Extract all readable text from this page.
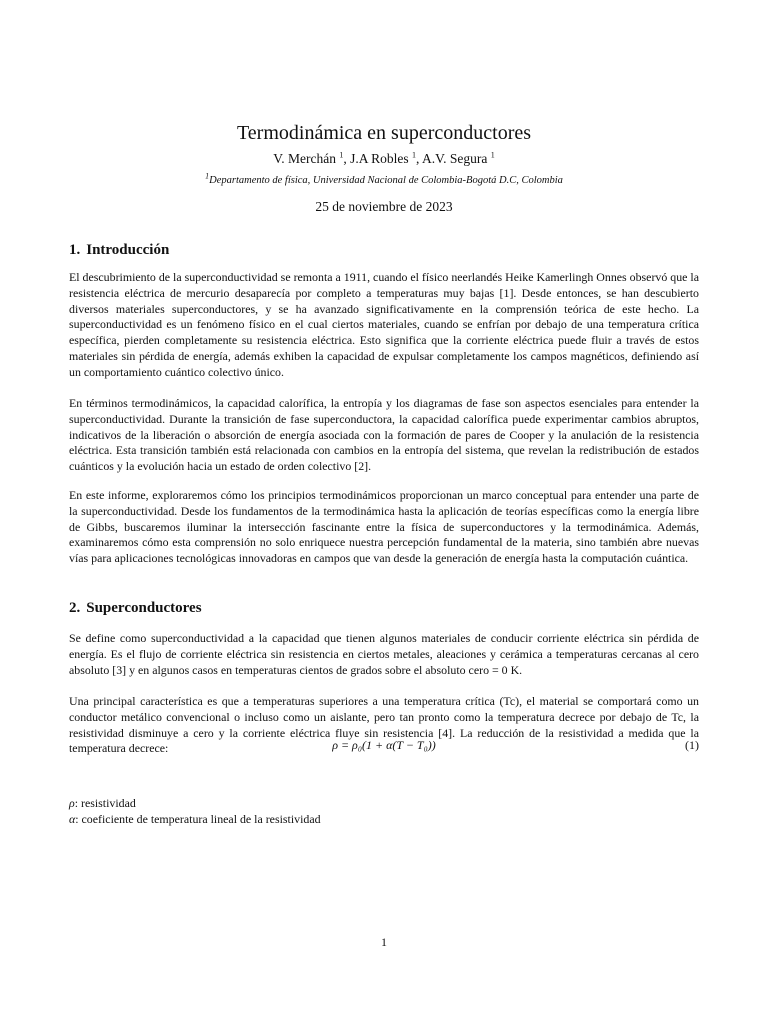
Termodinámica en superconductores
V. Merchán $^1$, J.A Robles $^1$, A.V. Segura $^1$
$^1$Departamento de física, Universidad Nacional de Colombia-Bogotá D.C, Colombia
25 de noviembre de 2023
1. Introducción

El descubrimiento de la superconductividad se remonta a 1911, cuando el físico neerlandés Heike Kamerlingh Onnes observó que la resistencia eléctrica de mercurio desaparecía por completo a temperaturas muy bajas [1]. Desde entonces, se han descubierto diversos materiales superconductores, y se ha avanzado significativamente en la comprensión teórica de este hecho. La superconductividad es un fenómeno físico en el cual ciertos materiales, cuando se enfrían por debajo de una temperatura crítica específica, pierden completamente su resistencia eléctrica. Esto significa que la corriente eléctrica puede fluir a través de estos materiales sin pérdida de energía, además exhiben la capacidad de expulsar completamente los campos magnéticos, definiendo así un comportamiento cuántico colectivo único.

En términos termodinámicos, la capacidad calorífica, la entropía y los diagramas de fase son aspectos esenciales para entender la superconductividad. Durante la transición de fase superconductora, la capacidad calorífica puede experimentar cambios abruptos, indicativos de la liberación o absorción de energía asociada con la formación de pares de Cooper y la anulación de la resistencia eléctrica. Esta transición también está relacionada con cambios en la entropía del sistema, que revelan la redistribución de estados cuánticos y la evolución hacia un estado de orden colectivo [2].

En este informe, exploraremos cómo los principios termodinámicos proporcionan un marco conceptual para entender una parte de la superconductividad. Desde los fundamentos de la termodinámica hasta la aplicación de teorías específicas como la energía libre de Gibbs, buscaremos iluminar la intersección fascinante entre la física de superconductores y la termodinámica. Además, examinaremos cómo esta comprensión no solo enriquece nuestra percepción fundamental de la materia, sino también abre nuevas vías para aplicaciones tecnológicas innovadoras en campos que van desde la generación de energía hasta la computación cuántica.

2. Superconductores

Se define como superconductividad a la capacidad que tienen algunos materiales de conducir corriente eléctrica sin pérdida de energía. Es el flujo de corriente eléctrica sin resistencia en ciertos metales, aleaciones y cerámica a temperaturas cercanas al cero absoluto [3] y en algunos casos en temperaturas cientos de grados sobre el absoluto cero = 0 K.

Una principal característica es que a temperaturas superiores a una temperatura crítica (Tc), el material se comportará como un conductor metálico convencional o incluso como un aislante, pero tan pronto como la temperatura decrece por debajo de Tc, la resistividad disminuye a cero y la corriente eléctrica fluye sin resistencia [4]. La reducción de la resistividad a medida que la temperatura decrece:	ρ = ρ₀(1 + α(T − T₀))	(1)
ρ: resistividad
α: coeficiente de temperatura lineal de la resistividad
1
